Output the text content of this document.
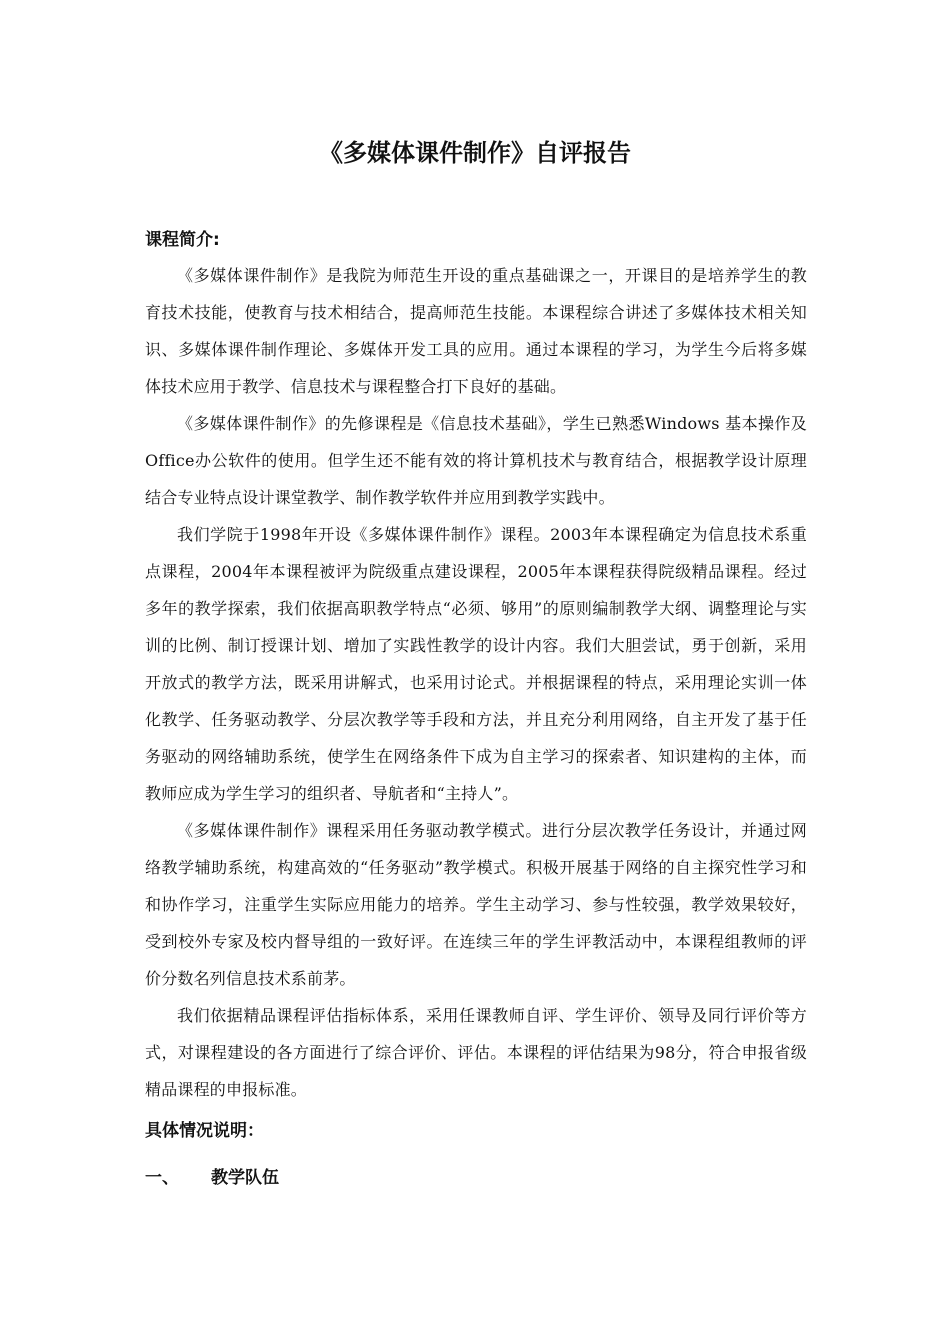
《多媒体课件制作》自评报告
课程简介:

《多媒体课件制作》是我院为师范生开设的重点基础课之一，开课目的是培养学生的教育技术技能，使教育与技术相结合，提高师范生技能。本课程综合讲述了多媒体技术相关知识、多媒体课件制作理论、多媒体开发工具的应用。通过本课程的学习，为学生今后将多媒体技术应用于教学、信息技术与课程整合打下良好的基础。

《多媒体课件制作》的先修课程是《信息技术基础》，学生已熟悉Windows 基本操作及Office办公软件的使用。但学生还不能有效的将计算机技术与教育结合，根据教学设计原理结合专业特点设计课堂教学、制作教学软件并应用到教学实践中。

我们学院于1998年开设《多媒体课件制作》课程。2003年本课程确定为信息技术系重点课程，2004年本课程被评为院级重点建设课程，2005年本课程获得院级精品课程。经过多年的教学探索，我们依据高职教学特点“必须、够用”的原则编制教学大纲、调整理论与实训的比例、制订授课计划、增加了实践性教学的设计内容。我们大胆尝试，勇于创新，采用开放式的教学方法，既采用讲解式，也采用讨论式。并根据课程的特点，采用理论实训一体化教学、任务驱动教学、分层次教学等手段和方法，并且充分利用网络，自主开发了基于任务驱动的网络辅助系统，使学生在网络条件下成为自主学习的探索者、知识建构的主体，而教师应成为学生学习的组织者、导航者和“主持人”。

《多媒体课件制作》课程采用任务驱动教学模式。进行分层次教学任务设计，并通过网络教学辅助系统，构建高效的“任务驱动”教学模式。积极开展基于网络的自主探究性学习和和协作学习，注重学生实际应用能力的培养。学生主动学习、参与性较强，教学效果较好，受到校外专家及校内督导组的一致好评。在连续三年的学生评教活动中，本课程组教师的评价分数名列信息技术系前茅。

我们依据精品课程评估指标体系，采用任课教师自评、学生评价、领导及同行评价等方式，对课程建设的各方面进行了综合评价、评估。本课程的评估结果为98分，符合申报省级精品课程的申报标准。

具体情况说明：
一、 教学队伍
